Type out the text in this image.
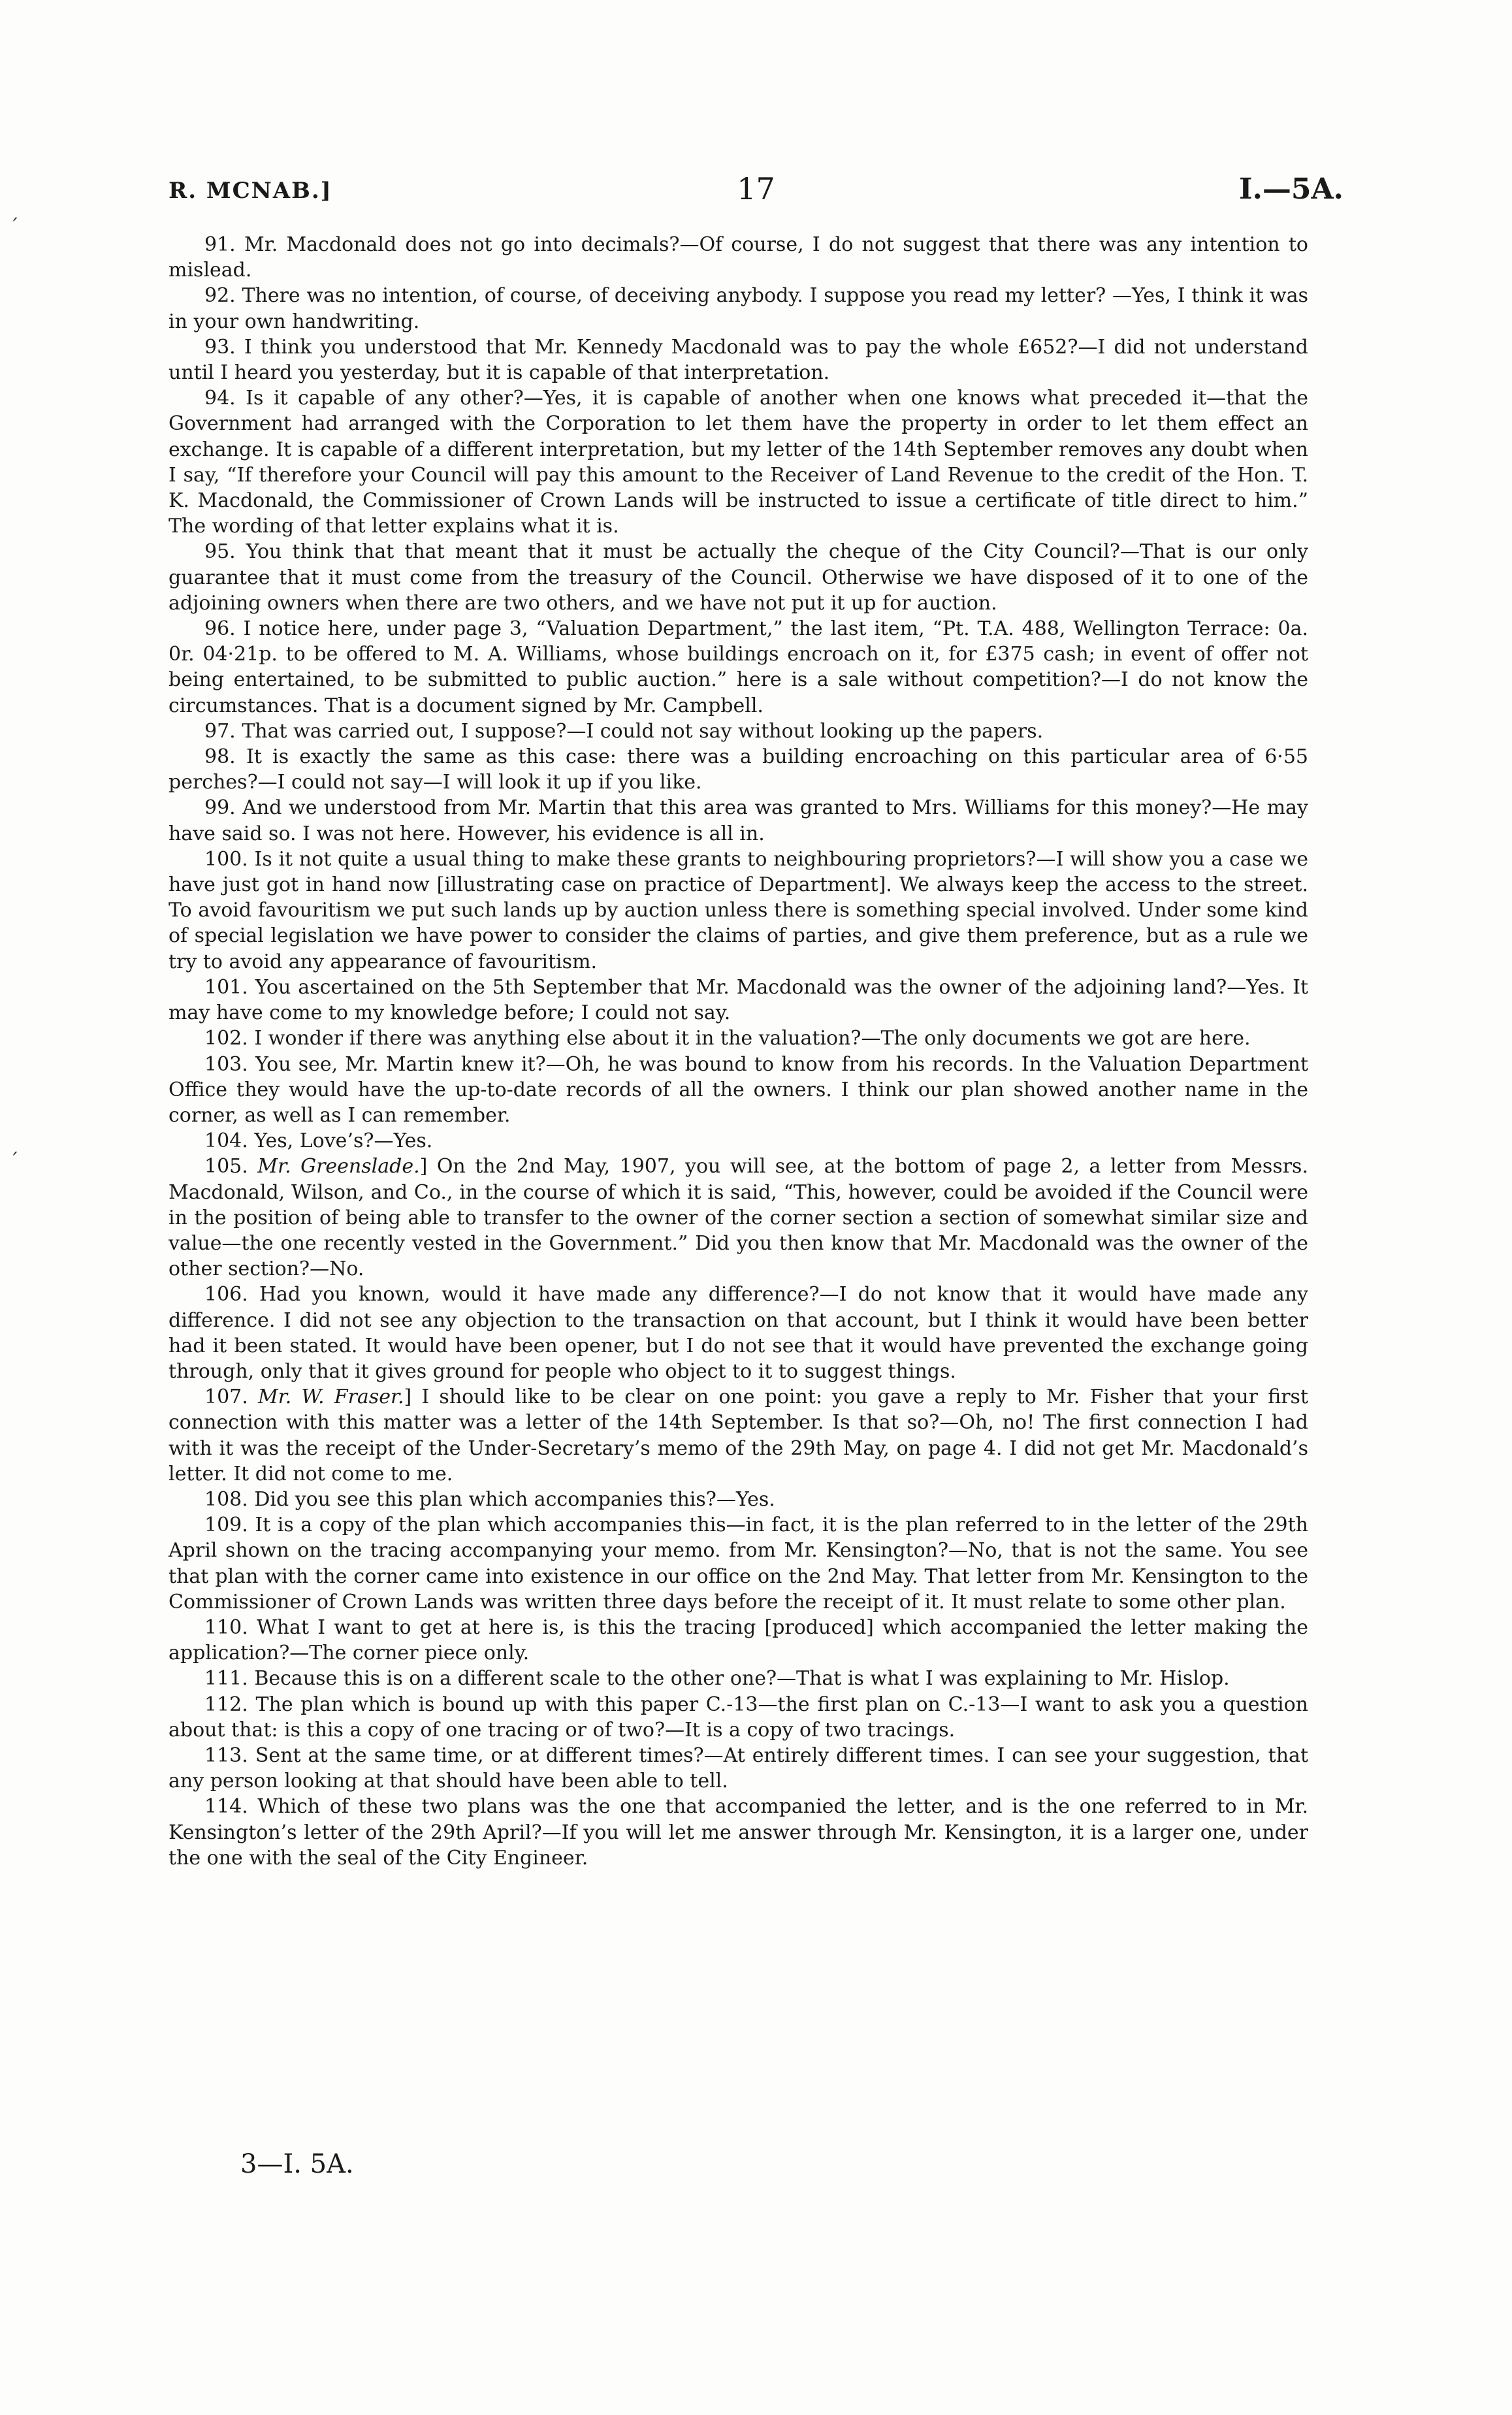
R. MCNAB.]	17	I.—5A.

91. Mr. Macdonald does not go into decimals?—Of course, I do not suggest that there was any intention to mislead.

92. There was no intention, of course, of deceiving anybody. I suppose you read my letter? —Yes, I think it was in your own handwriting.

93. I think you understood that Mr. Kennedy Macdonald was to pay the whole £652?—I did not understand until I heard you yesterday, but it is capable of that interpretation.

94. Is it capable of any other?—Yes, it is capable of another when one knows what preceded it—that the Government had arranged with the Corporation to let them have the property in order to let them effect an exchange. It is capable of a different interpretation, but my letter of the 14th September removes any doubt when I say, “If therefore your Council will pay this amount to the Receiver of Land Revenue to the credit of the Hon. T. K. Macdonald, the Commissioner of Crown Lands will be instructed to issue a certificate of title direct to him.” The wording of that letter explains what it is.

95. You think that that meant that it must be actually the cheque of the City Council?—That is our only guarantee that it must come from the treasury of the Council. Otherwise we have disposed of it to one of the adjoining owners when there are two others, and we have not put it up for auction.

96. I notice here, under page 3, “Valuation Department,” the last item, “Pt. T.A. 488, Wellington Terrace: 0a. 0r. 04·21p. to be offered to M. A. Williams, whose buildings encroach on it, for £375 cash; in event of offer not being entertained, to be submitted to public auction.” here is a sale without competition?—I do not know the circumstances. That is a document signed by Mr. Campbell.

97. That was carried out, I suppose?—I could not say without looking up the papers.

98. It is exactly the same as this case: there was a building encroaching on this particular area of 6·55 perches?—I could not say—I will look it up if you like.

99. And we understood from Mr. Martin that this area was granted to Mrs. Williams for this money?—He may have said so. I was not here. However, his evidence is all in.

100. Is it not quite a usual thing to make these grants to neighbouring proprietors?—I will show you a case we have just got in hand now [illustrating case on practice of Department]. We always keep the access to the street. To avoid favouritism we put such lands up by auction unless there is something special involved. Under some kind of special legislation we have power to consider the claims of parties, and give them preference, but as a rule we try to avoid any appearance of favouritism.

101. You ascertained on the 5th September that Mr. Macdonald was the owner of the adjoining land?—Yes. It may have come to my knowledge before; I could not say.

102. I wonder if there was anything else about it in the valuation?—The only documents we got are here.

103. You see, Mr. Martin knew it?—Oh, he was bound to know from his records. In the Valuation Department Office they would have the up-to-date records of all the owners. I think our plan showed another name in the corner, as well as I can remember.

104. Yes, Love’s?—Yes.

105. Mr. Greenslade.] On the 2nd May, 1907, you will see, at the bottom of page 2, a letter from Messrs. Macdonald, Wilson, and Co., in the course of which it is said, “This, however, could be avoided if the Council were in the position of being able to transfer to the owner of the corner section a section of somewhat similar size and value—the one recently vested in the Government.” Did you then know that Mr. Macdonald was the owner of the other section?—No.

106. Had you known, would it have made any difference?—I do not know that it would have made any difference. I did not see any objection to the transaction on that account, but I think it would have been better had it been stated. It would have been opener, but I do not see that it would have prevented the exchange going through, only that it gives ground for people who object to it to suggest things.

107. Mr. W. Fraser.] I should like to be clear on one point: you gave a reply to Mr. Fisher that your first connection with this matter was a letter of the 14th September. Is that so?—Oh, no! The first connection I had with it was the receipt of the Under-Secretary’s memo of the 29th May, on page 4. I did not get Mr. Macdonald’s letter. It did not come to me.

108. Did you see this plan which accompanies this?—Yes.

109. It is a copy of the plan which accompanies this—in fact, it is the plan referred to in the letter of the 29th April shown on the tracing accompanying your memo. from Mr. Kensington?—No, that is not the same. You see that plan with the corner came into existence in our office on the 2nd May. That letter from Mr. Kensington to the Commissioner of Crown Lands was written three days before the receipt of it. It must relate to some other plan.

110. What I want to get at here is, is this the tracing [produced] which accompanied the letter making the application?—The corner piece only.

111. Because this is on a different scale to the other one?—That is what I was explaining to Mr. Hislop.

112. The plan which is bound up with this paper C.-13—the first plan on C.-13—I want to ask you a question about that: is this a copy of one tracing or of two?—It is a copy of two tracings.

113. Sent at the same time, or at different times?—At entirely different times. I can see your suggestion, that any person looking at that should have been able to tell.

114. Which of these two plans was the one that accompanied the letter, and is the one referred to in Mr. Kensington’s letter of the 29th April?—If you will let me answer through Mr. Kensington, it is a larger one, under the one with the seal of the City Engineer.

3—I. 5A.
ˊ
ˊ
